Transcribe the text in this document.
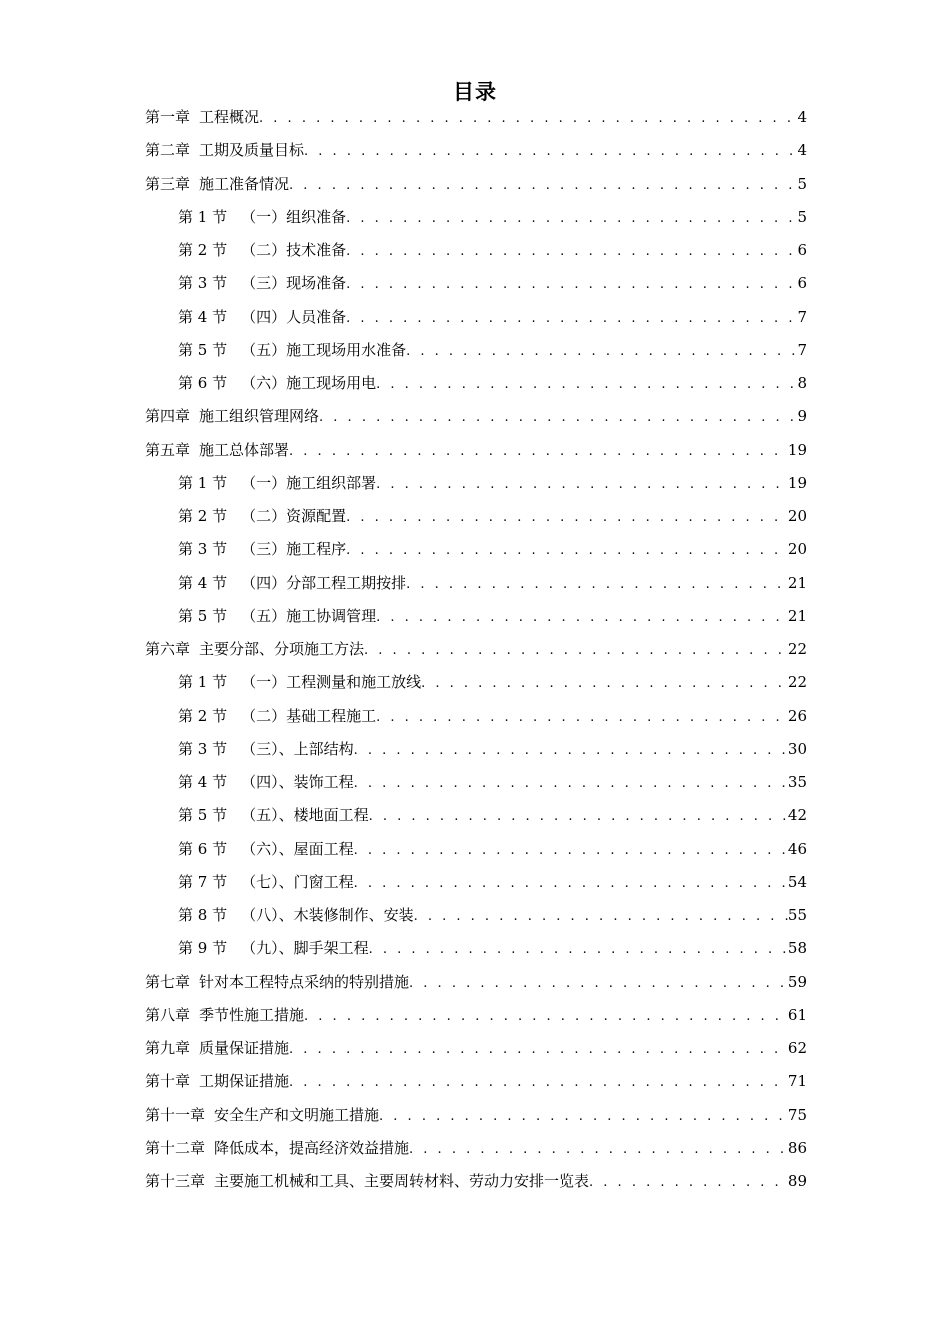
目录
第一章 工程概况 . . .	4
第二章 工期及质量目标 . . .	4
第三章 施工准备情况 . . .	5
第 1 节 （一）组织准备 . . .	5
第 2 节 （二）技术准备 . . .	6
第 3 节 （三）现场准备 . . .	6
第 4 节 （四）人员准备 . . .	7
第 5 节 （五）施工现场用水准备 . . .	7
第 6 节 （六）施工现场用电 . . .	8
第四章 施工组织管理网络 . . .	9
第五章 施工总体部署 . . .	19
第 1 节 （一）施工组织部署 . . .	19
第 2 节 （二）资源配置 . . .	20
第 3 节 （三）施工程序 . . .	20
第 4 节 （四）分部工程工期按排 . . .	21
第 5 节 （五）施工协调管理 . . .	21
第六章 主要分部、分项施工方法 . . .	22
第 1 节 （一）工程测量和施工放线 . . .	22
第 2 节 （二）基础工程施工 . . .	26
第 3 节 （三）、上部结构 . . .	30
第 4 节 （四）、装饰工程 . . .	35
第 5 节 （五）、楼地面工程 . . .	42
第 6 节 （六）、屋面工程 . . .	46
第 7 节 （七）、门窗工程 . . .	54
第 8 节 （八）、木装修制作、安装 . . .	55
第 9 节 （九）、脚手架工程 . . .	58
第七章 针对本工程特点采纳的特别措施 . . .	59
第八章 季节性施工措施 . . .	61
第九章 质量保证措施 . . .	62
第十章 工期保证措施 . . .	71
第十一章 安全生产和文明施工措施 . . .	75
第十二章 降低成本，提高经济效益措施 . . .	86
第十三章 主要施工机械和工具、主要周转材料、劳动力安排一览表 . . .	89
